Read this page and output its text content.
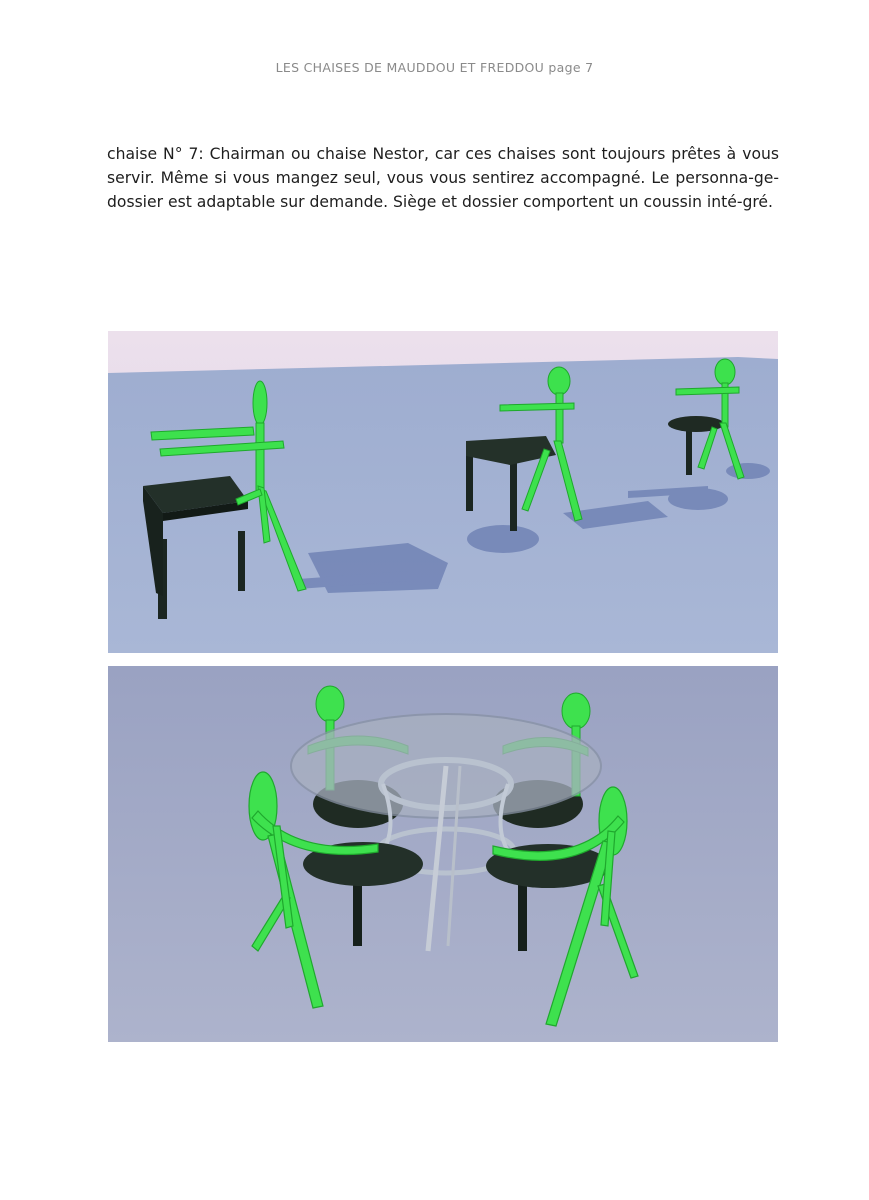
LES CHAISES DE MAUDDOU ET FREDDOU page 7

chaise N° 7: Chairman ou chaise Nestor, car ces chaises sont toujours prêtes à vous servir. Même si vous mangez seul, vous vous sentirez accompagné. Le personna-ge-dossier est adaptable sur demande. Siège et dossier comportent un coussin inté-gré.
